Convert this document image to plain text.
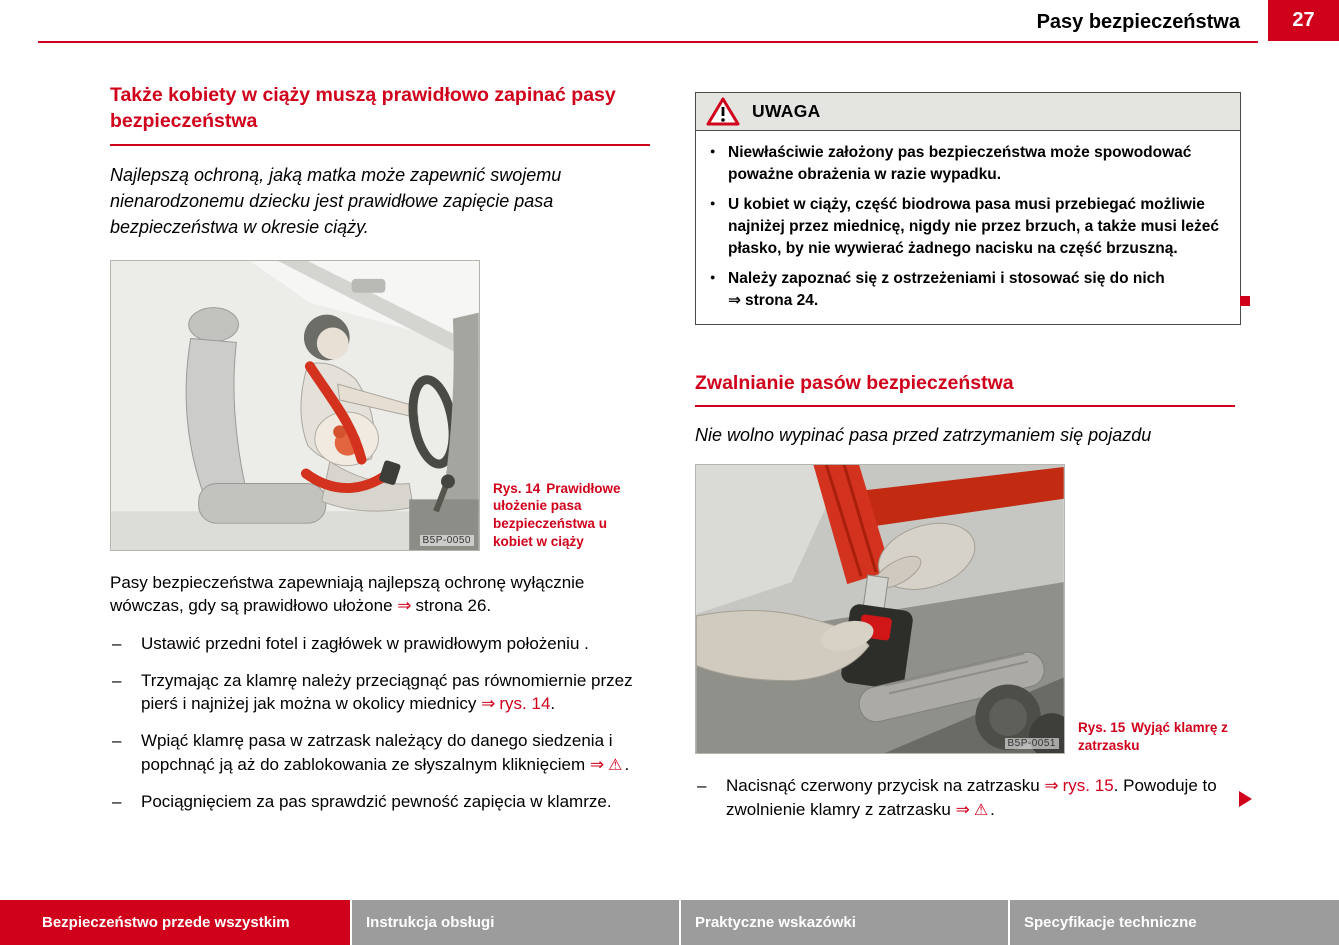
Pasy bezpieczeństwa	27
Także kobiety w ciąży muszą prawidłowo zapinać pasy bezpieczeństwa

Najlepszą ochroną, jaką matka może zapewnić swojemu nienarodzonemu dziecku jest prawidłowe zapięcie pasa bezpieczeństwa w okresie ciąży.

B5P-0050

Rys. 14 Prawidłowe ułożenie pasa bezpieczeństwa u kobiet w ciąży

Pasy bezpieczeństwa zapewniają najlepszą ochronę wyłącznie wówczas, gdy są prawidłowo ułożone ⇒ strona 26.

– Ustawić przedni fotel i zagłówek w prawidłowym położeniu .
– Trzymając za klamrę należy przeciągnąć pas równomiernie przez pierś i najniżej jak można w okolicy miednicy ⇒ rys. 14.
– Wpiąć klamrę pasa w zatrzask należący do danego siedzenia i popchnąć ją aż do zablokowania ze słyszalnym kliknięciem ⇒ ⚠ .
– Pociągnięciem za pas sprawdzić pewność zapięcia w klamrze.
UWAGA

● Niewłaściwie założony pas bezpieczeństwa może spowodować poważne obrażenia w razie wypadku.

● U kobiet w ciąży, część biodrowa pasa musi przebiegać możliwie najniżej przez miednicę, nigdy nie przez brzuch, a także musi leżeć płasko, by nie wywierać żadnego nacisku na część brzuszną.

● Należy zapoznać się z ostrzeżeniami i stosować się do nich ⇒ strona 24.

Zwalnianie pasów bezpieczeństwa

Nie wolno wypinać pasa przed zatrzymaniem się pojazdu

B5P-0051

Rys. 15 Wyjąć klamrę z zatrzasku

– Nacisnąć czerwony przycisk na zatrzasku ⇒ rys. 15. Powoduje to zwolnienie klamry z zatrzasku ⇒ ⚠ .

Bezpieczeństwo przede wszystkim	Instrukcja obsługi	Praktyczne wskazówki	Specyfikacje techniczne
